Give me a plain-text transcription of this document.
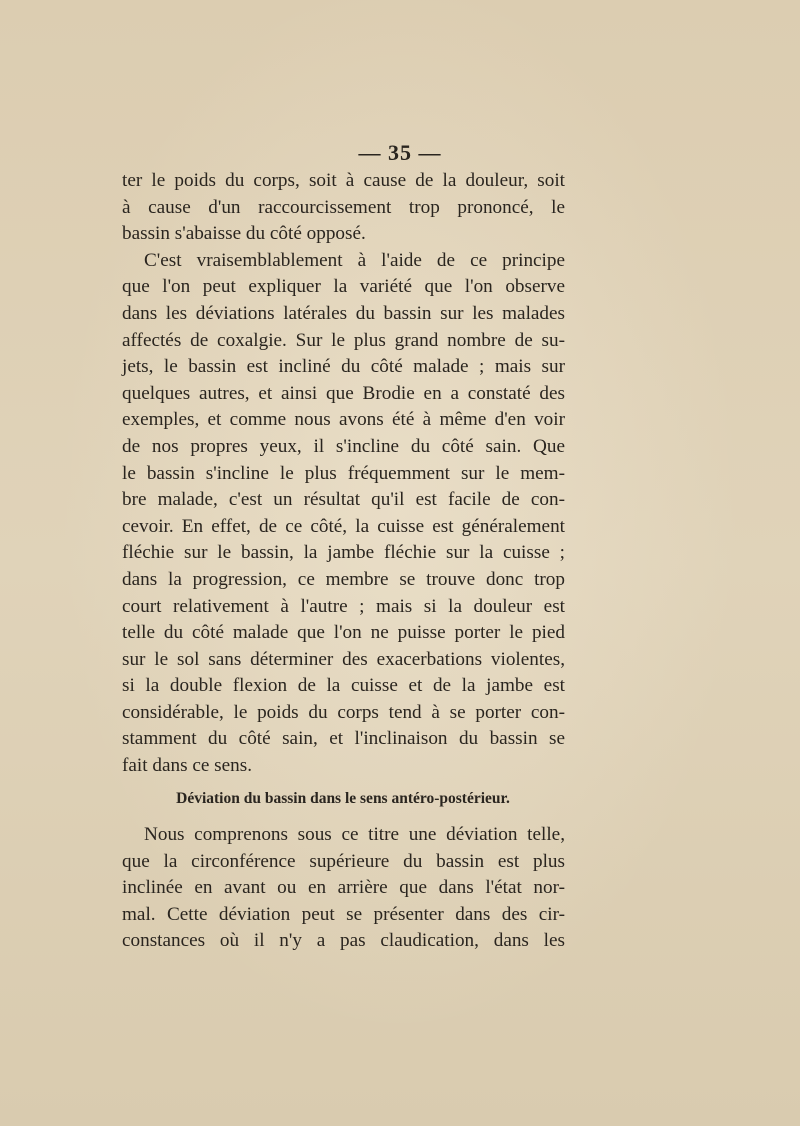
— 35 —
ter le poids du corps, soit à cause de la douleur, soit
à cause d'un raccourcissement trop prononcé, le
bassin s'abaisse du côté opposé.
C'est vraisemblablement à l'aide de ce principe
que l'on peut expliquer la variété que l'on observe
dans les déviations latérales du bassin sur les malades
affectés de coxalgie. Sur le plus grand nombre de su-
jets, le bassin est incliné du côté malade ; mais sur
quelques autres, et ainsi que Brodie en a constaté des
exemples, et comme nous avons été à même d'en voir
de nos propres yeux, il s'incline du côté sain. Que
le bassin s'incline le plus fréquemment sur le mem-
bre malade, c'est un résultat qu'il est facile de con-
cevoir. En effet, de ce côté, la cuisse est généralement
fléchie sur le bassin, la jambe fléchie sur la cuisse ;
dans la progression, ce membre se trouve donc trop
court relativement à l'autre ; mais si la douleur est
telle du côté malade que l'on ne puisse porter le pied
sur le sol sans déterminer des exacerbations violentes,
si la double flexion de la cuisse et de la jambe est
considérable, le poids du corps tend à se porter con-
stamment du côté sain, et l'inclinaison du bassin se
fait dans ce sens.
Déviation du bassin dans le sens antéro-postérieur.
Nous comprenons sous ce titre une déviation telle,
que la circonférence supérieure du bassin est plus
inclinée en avant ou en arrière que dans l'état nor-
mal. Cette déviation peut se présenter dans des cir-
constances où il n'y a pas claudication, dans les
